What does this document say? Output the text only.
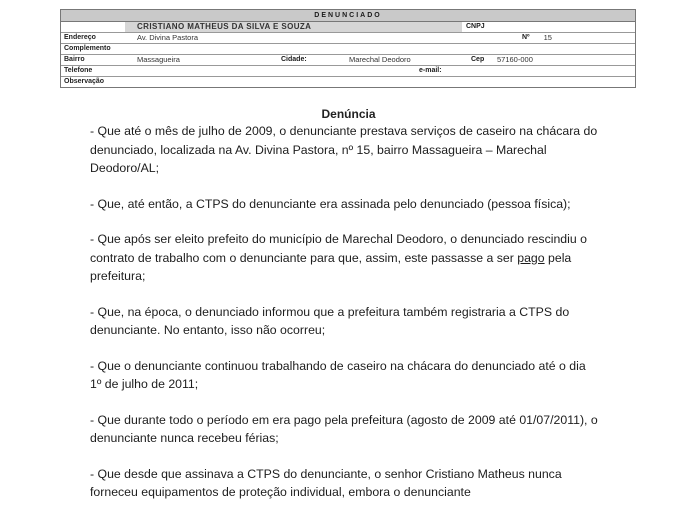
DENUNCIADO
CRISTIANO MATHEUS DA SILVA E SOUZA	CNPJ
Endereço	Av. Divina Pastora	Nº	15
Complemento
Bairro	Massagueira	Cidade:	Marechal Deodoro	Cep	57160-000
Telefone	e-mail:
Observação
Denúncia

- Que até o mês de julho de 2009, o denunciante prestava serviços de caseiro na chácara do denunciado, localizada na Av. Divina Pastora, nº 15, bairro Massagueira – Marechal Deodoro/AL;

- Que, até então, a CTPS do denunciante era assinada pelo denunciado (pessoa física);

- Que após ser eleito prefeito do município de Marechal Deodoro, o denunciado rescindiu o contrato de trabalho com o denunciante para que, assim, este passasse a ser pago pela prefeitura;

- Que, na época, o denunciado informou que a prefeitura também registraria a CTPS do denunciante. No entanto, isso não ocorreu;

- Que o denunciante continuou trabalhando de caseiro na chácara do denunciado até o dia 1º de julho de 2011;

- Que durante todo o período em era pago pela prefeitura (agosto de 2009 até 01/07/2011), o denunciante nunca recebeu férias;

- Que desde que assinava a CTPS do denunciante, o senhor Cristiano Matheus nunca forneceu equipamentos de proteção individual, embora o denunciante
